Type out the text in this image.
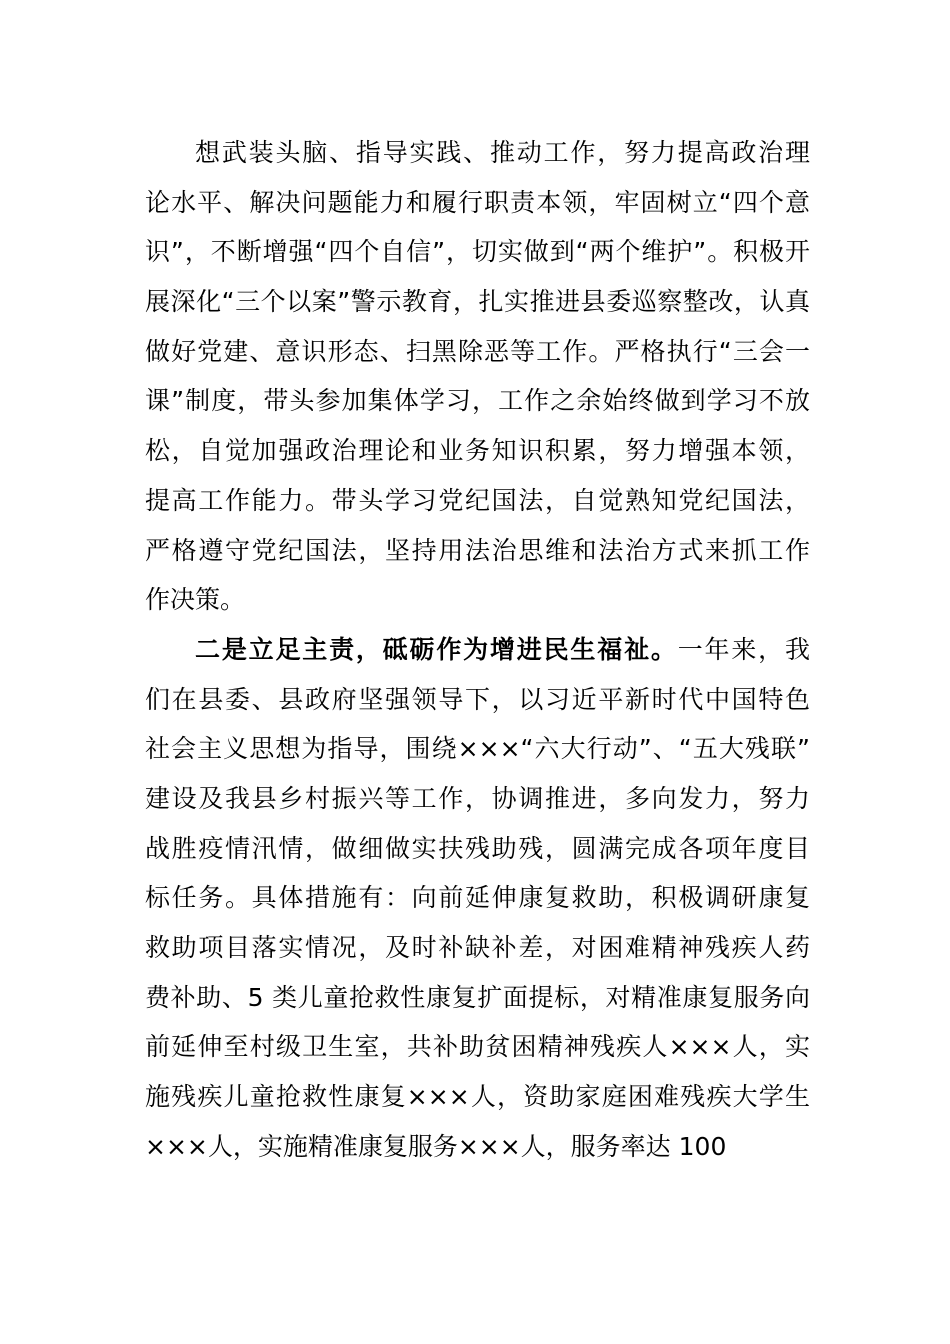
想武装头脑、指导实践、推动工作，努力提高政治理
论水平、解决问题能力和履行职责本领，牢固树立“四个意
识”，不断增强“四个自信”，切实做到“两个维护”。积极开
展深化“三个以案”警示教育，扎实推进县委巡察整改，认真
做好党建、意识形态、扫黑除恶等工作。严格执行“三会一
课”制度，带头参加集体学习，工作之余始终做到学习不放
松，自觉加强政治理论和业务知识积累，努力增强本领，
提高工作能力。带头学习党纪国法，自觉熟知党纪国法，
严格遵守党纪国法，坚持用法治思维和法治方式来抓工作
作决策。
二是立足主责，砥砺作为增进民生福祉。一年来，我
们在县委、县政府坚强领导下，以习近平新时代中国特色
社会主义思想为指导，围绕×××“六大行动”、“五大残联”
建设及我县乡村振兴等工作，协调推进，多向发力，努力
战胜疫情汛情，做细做实扶残助残，圆满完成各项年度目
标任务。具体措施有：向前延伸康复救助，积极调研康复
救助项目落实情况，及时补缺补差，对困难精神残疾人药
费补助、5 类儿童抢救性康复扩面提标，对精准康复服务向
前延伸至村级卫生室，共补助贫困精神残疾人×××人，实
施残疾儿童抢救性康复×××人，资助家庭困难残疾大学生
×××人，实施精准康复服务×××人，服务率达 100
